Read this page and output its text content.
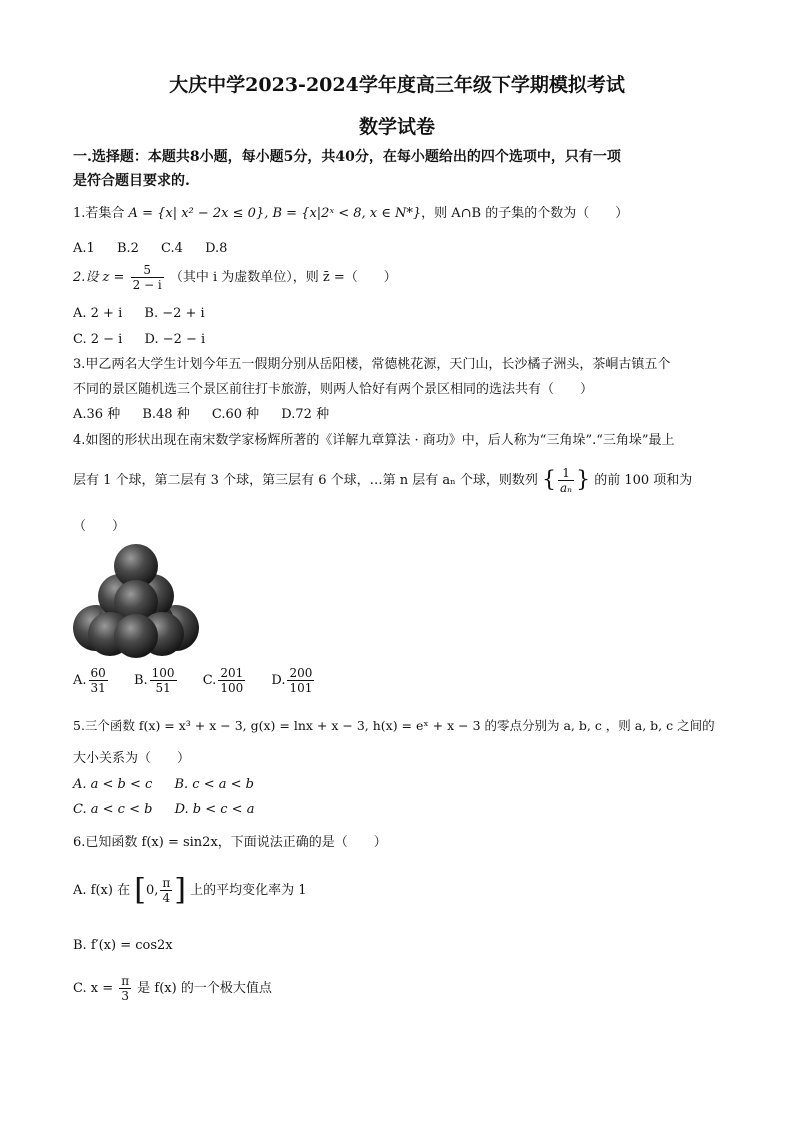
大庆中学2023-2024学年度高三年级下学期模拟考试
数学试卷
一.选择题：本题共8小题，每小题5分，共40分，在每小题给出的四个选项中，只有一项
是符合题目要求的.
1.若集合 A = {x| x² − 2x ≤ 0}, B = {x|2ˣ < 8, x ∈ N*}，则 A∩B 的子集的个数为（　　）
A.1 B.2 C.4 D.8
2.设 $z = \frac{5}{2 - i}$ （其中 i 为虚数单位），则 z̄ =（　　）
A. 2 + i B. −2 + i
C. 2 − i D. −2 − i
3.甲乙两名大学生计划今年五一假期分别从岳阳楼，常德桃花源，天门山，长沙橘子洲头，茶峒古镇五个
不同的景区随机选三个景区前往打卡旅游，则两人恰好有两个景区相同的选法共有（　　）
A.36 种 B.48 种 C.60 种 D.72 种
4.如图的形状出现在南宋数学家杨辉所著的《详解九章算法 · 商功》中，后人称为“三角垛”.“三角垛”最上
层有 1 个球，第二层有 3 个球，第三层有 6 个球，…第 n 层有 aₙ 个球，则数列 { $\frac{1}{\text{aₙ}}$ } 的前 100 项和为
（　　）
A. $\frac{60}{31} B$. $\frac{100}{51} C$. $\frac{201}{100} D$. $\frac{200}{101}$
5.三个函数 f(x) = x³ + x − 3, g(x) = lnx + x − 3, h(x) = eˣ + x − 3 的零点分别为 a, b, c ，则 a, b, c 之间的
大小关系为（　　）
A. a < b < c B. c < a < b
C. a < c < b D. b < c < a
6.已知函数 f(x) = sin2x，下面说法正确的是（　　）
A. f(x) 在 [0, $\frac{\pi}{4}$ ] 上的平均变化率为 1
B. f′(x) = cos2x
C. $x = \frac{\pi}{3}$ 是 f(x) 的一个极大值点
